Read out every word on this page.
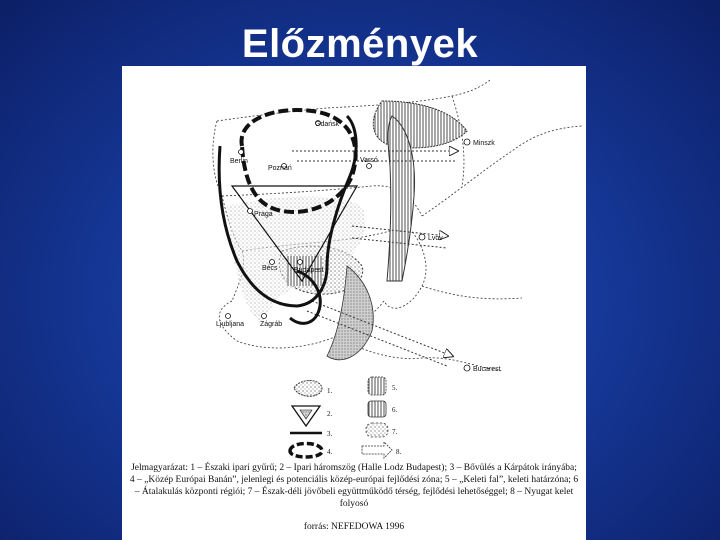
Előzmények
Gdańsk
Berlin
Poznań
Varsó
Praga
Bécs Budapest
Ljubljana Zágráb
Minszk
Lvov
Bucarest
1.
2.
3.
4.
5.
6.
7.
8.
Jelmagyarázat: 1 – Északi ipari gyűrű; 2 – Ipari háromszög (Halle Lodz Budapest); 3 – Bővülés a Kárpátok irányába; 4 – „Közép Európai Banán”, jelenlegi és potenciális közép-európai fejlődési zóna; 5 – „Keleti fal”, keleti határzóna; 6 – Átalakulás központi régiói; 7 – Észak-déli jövőbeli együttműködő térség, fejlődési lehetőséggel; 8 – Nyugat kelet folyosó
forrás: NEFEDOWA 1996
